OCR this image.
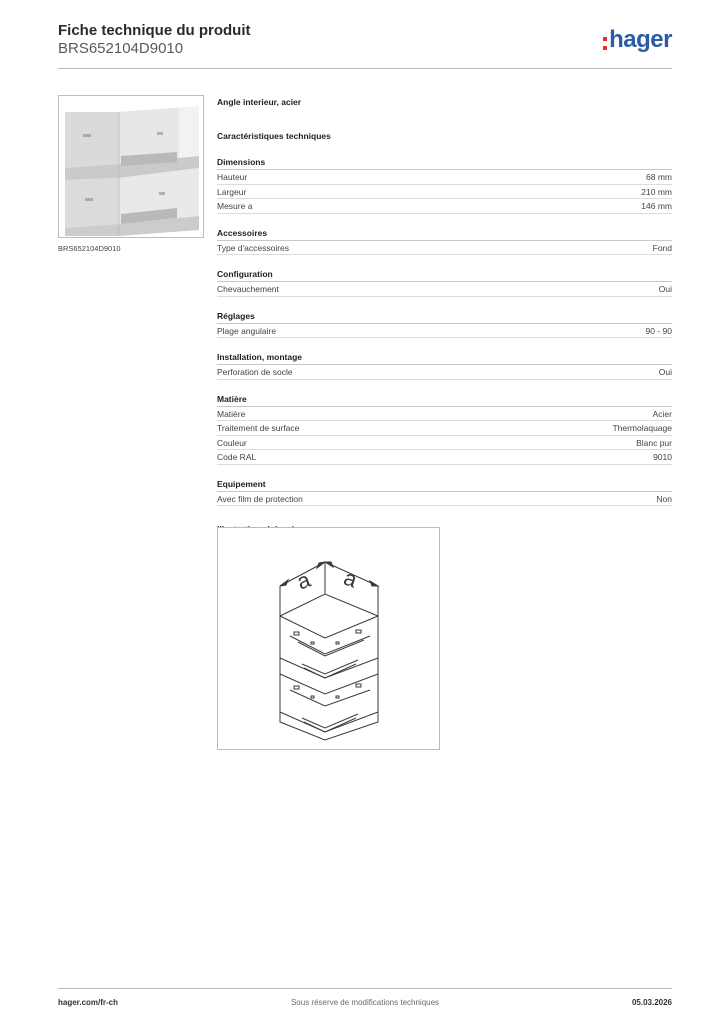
Fiche technique du produit
BRS652104D9010	hager
BRS652104D9010
Angle interieur, acier
Caractéristiques techniques
Dimensions
Hauteur	68 mm
Largeur	210 mm
Mesure a	146 mm
Accessoires
Type d'accessoires	Fond
Configuration
Chevauchement	Oui
Réglages
Plage angulaire	90 - 90
Installation, montage
Perforation de socle	Oui
Matière
Matière	Acier
Traitement de surface	Thermolaquage
Couleur	Blanc pur
Code RAL	9010
Equipement
Avec film de protection	Non
a a
hager.com/fr-ch	Sous réserve de modifications techniques	05.03.2026
